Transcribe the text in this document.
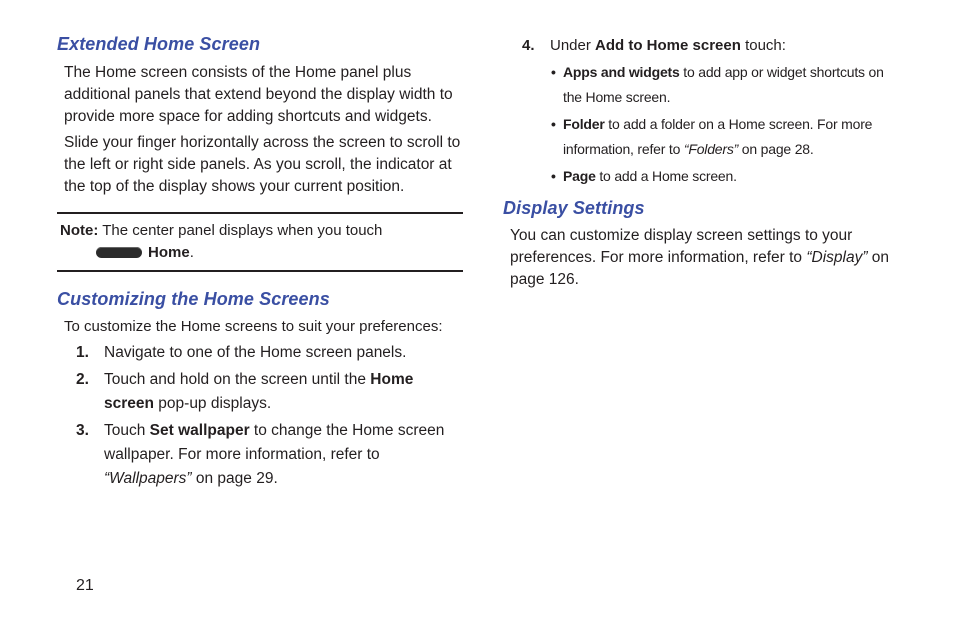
Extended Home Screen

The Home screen consists of the Home panel plus additional panels that extend beyond the display width to provide more space for adding shortcuts and widgets.

Slide your finger horizontally across the screen to scroll to the left or right side panels. As you scroll, the indicator at the top of the display shows your current position.

Note: The center panel displays when you touch
Home.
Customizing the Home Screens

To customize the Home screens to suit your preferences:

1. Navigate to one of the Home screen panels.
2. Touch and hold on the screen until the Home screen pop-up displays.
3. Touch Set wallpaper to change the Home screen wallpaper. For more information, refer to “Wallpapers” on page 29.
4.	Under Add to Home screen touch:
• Apps and widgets to add app or widget shortcuts on the Home screen.
• Folder to add a folder on a Home screen. For more information, refer to “Folders” on page 28.
• Page to add a Home screen.
Display Settings

You can customize display screen settings to your preferences. For more information, refer to “Display” on page 126.

21
